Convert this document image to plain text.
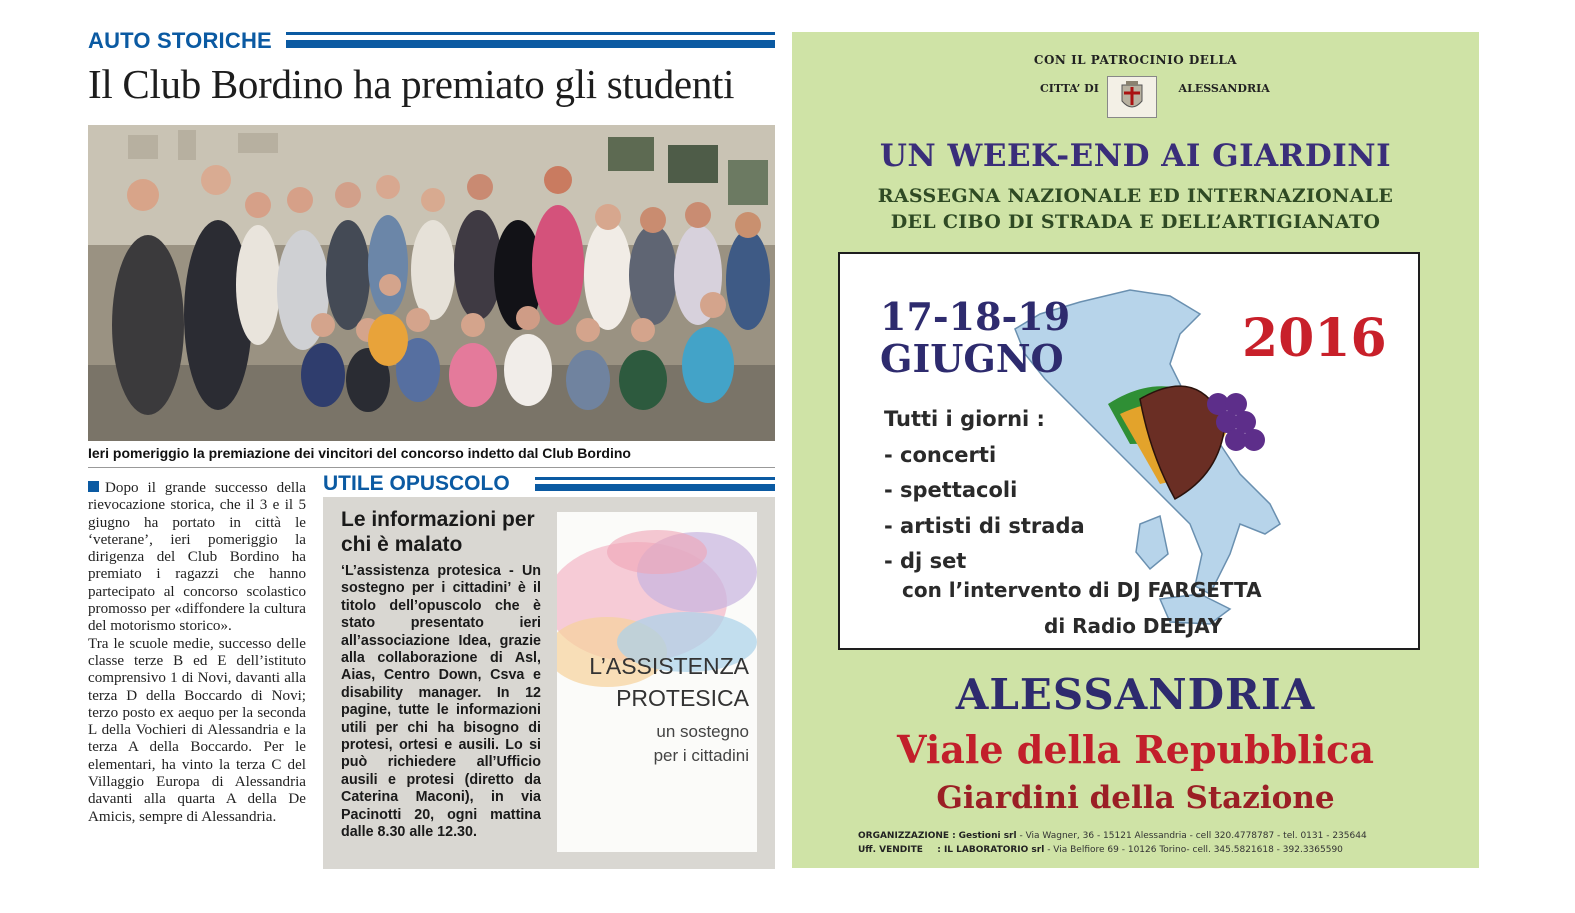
AUTO STORICHE
Il Club Bordino ha premiato gli studenti
Ieri pomeriggio la premiazione dei vincitori del concorso indetto dal Club Bordino

Dopo il grande successo della rievocazione storica, che il 3 e il 5 giugno ha portato in città le ‘veterane’, ieri pomeriggio la dirigenza del Club Bordino ha premiato i ragazzi che hanno partecipato al concorso scolastico promosso per «diffondere la cultura del motorismo storico».

Tra le scuole medie, successo delle classe terze B ed E dell’istituto comprensivo 1 di Novi, davanti alla terza D della Boccardo di Novi; terzo posto ex aequo per la seconda L della Vochieri di Alessandria e la terza A della Boccardo. Per le elementari, ha vinto la terza C del Villaggio Europa di Alessandria davanti alla quarta A della De Amicis, sempre di Alessandria.

UTILE OPUSCOLO
Le informazioni per chi è malato
‘L’assistenza protesica - Un sostegno per i cittadini’ è il titolo dell’opuscolo che è stato presentato ieri all’associazione Idea, grazie alla collaborazione di Asl, Aias, Centro Down, Csva e disability manager. In 12 pagine, tutte le informazioni utili per chi ha bisogno di protesi, ortesi e ausili. Lo si può richiedere all’Ufficio ausili e protesi (diretto da Caterina Maconi), in via Pacinotti 20, ogni mattina dalle 8.30 alle 12.30.
L’ASSISTENZA
PROTESICA
un sostegno
per i cittadini
CON IL PATROCINIO DELLA
CITTA’ DI	ALESSANDRIA
UN WEEK-END AI GIARDINI
RASSEGNA NAZIONALE ED INTERNAZIONALE
DEL CIBO DI STRADA E DELL’ARTIGIANATO
17-18-19
GIUGNO	2016
Tutti i giorni :
- concerti
- spettacoli
- artisti di strada
- dj set
con l’intervento di DJ FARGETTA
di Radio DEEJAY
ALESSANDRIA
Viale della Repubblica
Giardini della Stazione
ORGANIZZAZIONE : Gestioni srl - Via Wagner, 36 - 15121 Alessandria - cell 320.4778787 - tel. 0131 - 235644
Uff. VENDITE : IL LABORATORIO srl - Via Belfiore 69 - 10126 Torino- cell. 345.5821618 - 392.3365590
